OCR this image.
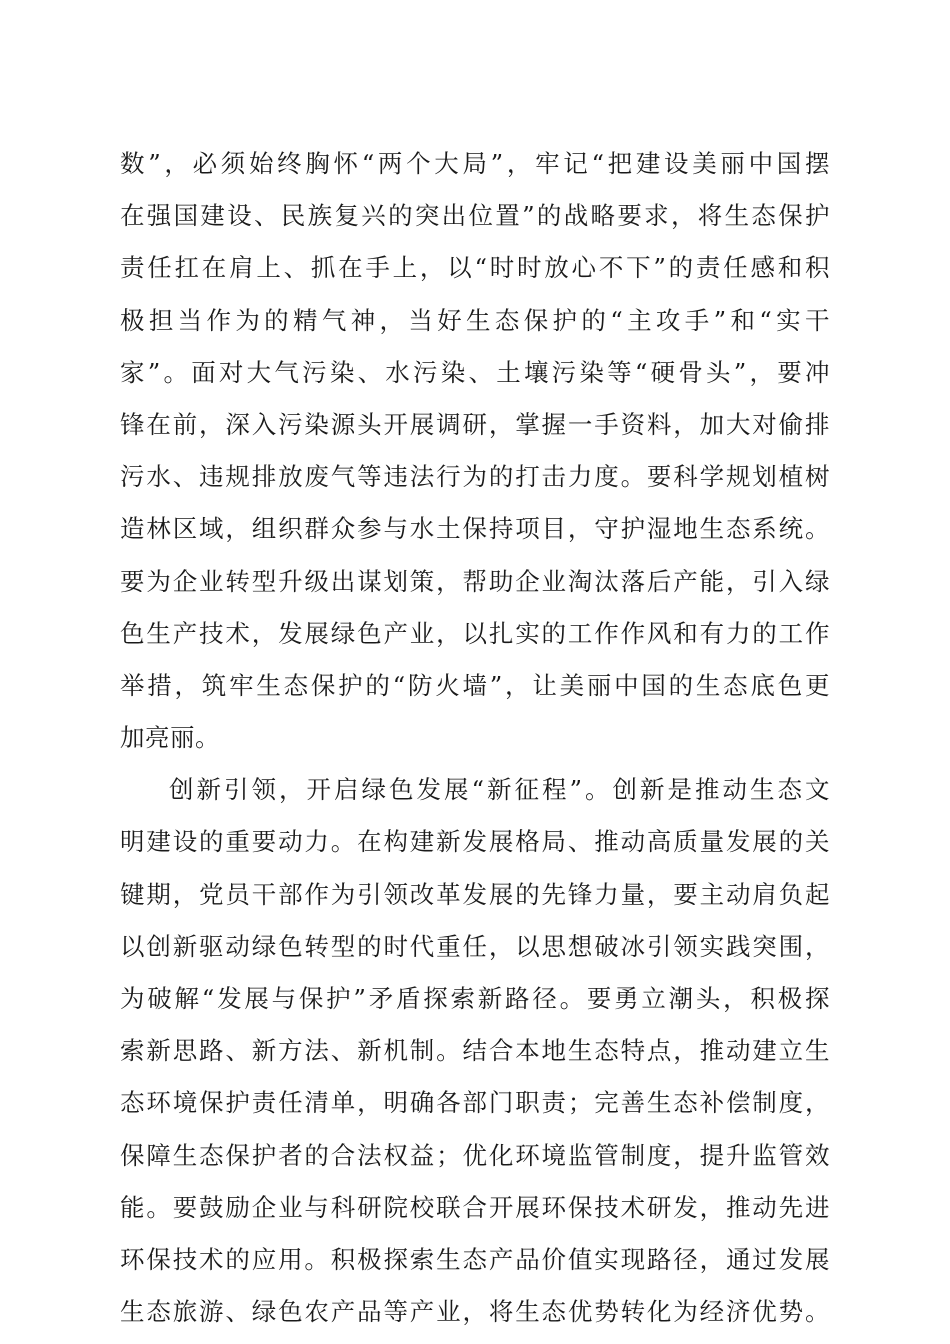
数”，必须始终胸怀“两个大局”，牢记“把建设美丽中国摆
在强国建设、民族复兴的突出位置”的战略要求，将生态保护
责任扛在肩上、抓在手上，以“时时放心不下”的责任感和积
极担当作为的精气神，当好生态保护的“主攻手”和“实干
家”。面对大气污染、水污染、土壤污染等“硬骨头”，要冲
锋在前，深入污染源头开展调研，掌握一手资料，加大对偷排
污水、违规排放废气等违法行为的打击力度。要科学规划植树
造林区域，组织群众参与水土保持项目，守护湿地生态系统。
要为企业转型升级出谋划策，帮助企业淘汰落后产能，引入绿
色生产技术，发展绿色产业，以扎实的工作作风和有力的工作
举措，筑牢生态保护的“防火墙”，让美丽中国的生态底色更
加亮丽。
创新引领，开启绿色发展“新征程”。创新是推动生态文
明建设的重要动力。在构建新发展格局、推动高质量发展的关
键期，党员干部作为引领改革发展的先锋力量，要主动肩负起
以创新驱动绿色转型的时代重任，以思想破冰引领实践突围，
为破解“发展与保护”矛盾探索新路径。要勇立潮头，积极探
索新思路、新方法、新机制。结合本地生态特点，推动建立生
态环境保护责任清单，明确各部门职责；完善生态补偿制度，
保障生态保护者的合法权益；优化环境监管制度，提升监管效
能。要鼓励企业与科研院校联合开展环保技术研发，推动先进
环保技术的应用。积极探索生态产品价值实现路径，通过发展
生态旅游、绿色农产品等产业，将生态优势转化为经济优势。
